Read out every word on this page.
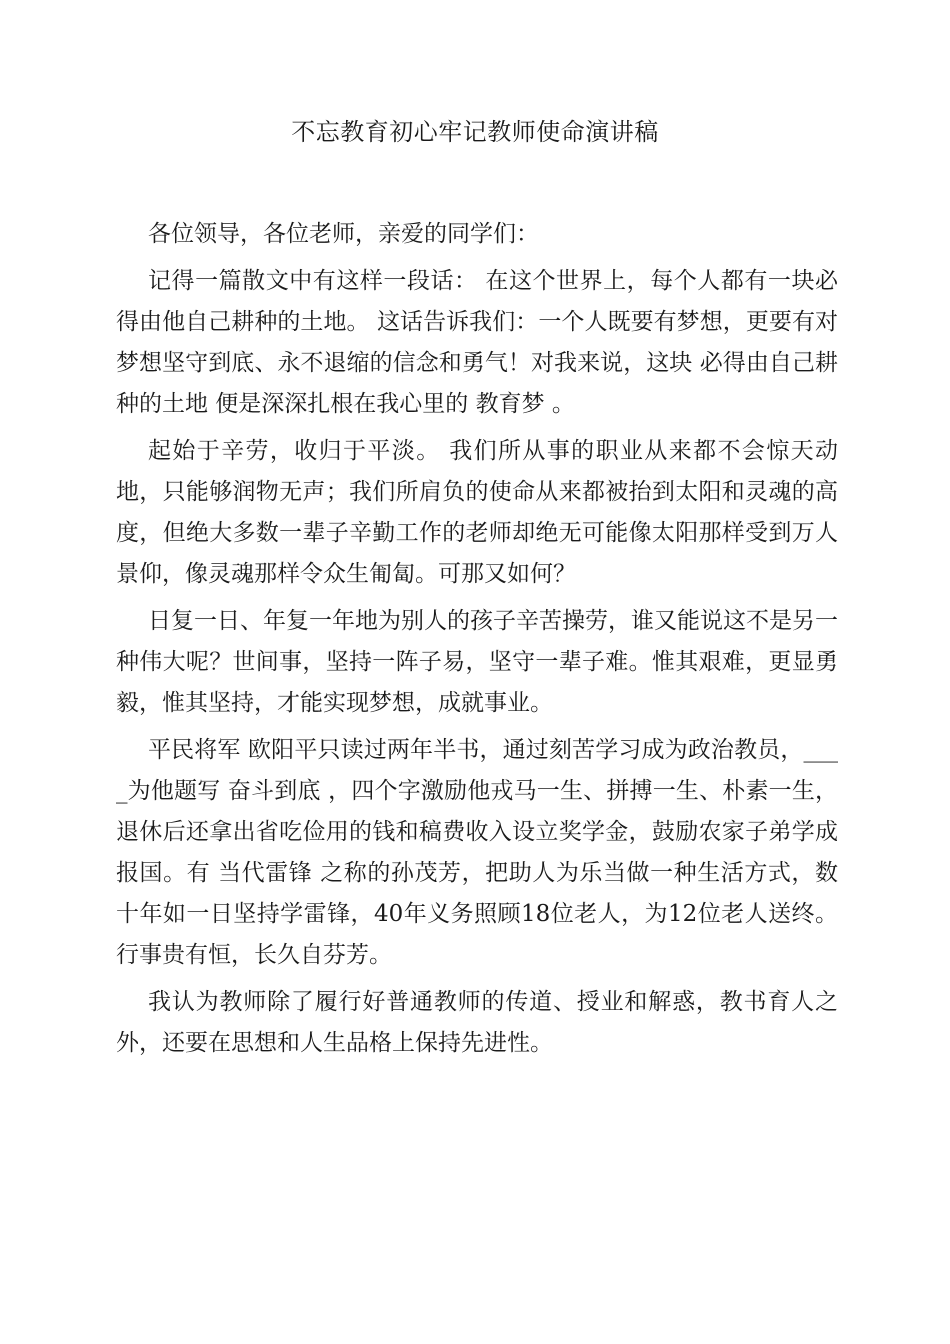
不忘教育初心牢记教师使命演讲稿

各位领导，各位老师，亲爱的同学们：

记得一篇散文中有这样一段话： 在这个世界上，每个人都有一块必得由他自己耕种的土地。 这话告诉我们：一个人既要有梦想，更要有对梦想坚守到底、永不退缩的信念和勇气！对我来说，这块 必得由自己耕种的土地 便是深深扎根在我心里的 教育梦 。

起始于辛劳，收归于平淡。 我们所从事的职业从来都不会惊天动地，只能够润物无声；我们所肩负的使命从来都被抬到太阳和灵魂的高度，但绝大多数一辈子辛勤工作的老师却绝无可能像太阳那样受到万人景仰，像灵魂那样令众生匍匐。可那又如何？

日复一日、年复一年地为别人的孩子辛苦操劳，谁又能说这不是另一种伟大呢？世间事，坚持一阵子易，坚守一辈子难。惟其艰难，更显勇毅，惟其坚持，才能实现梦想，成就事业。

平民将军 欧阳平只读过两年半书，通过刻苦学习成为政治教员，____为他题写 奋斗到底 ，四个字激励他戎马一生、拼搏一生、朴素一生，退休后还拿出省吃俭用的钱和稿费收入设立奖学金，鼓励农家子弟学成报国。有 当代雷锋 之称的孙茂芳，把助人为乐当做一种生活方式，数十年如一日坚持学雷锋，40年义务照顾18位老人，为12位老人送终。行事贵有恒，长久自芬芳。

我认为教师除了履行好普通教师的传道、授业和解惑，教书育人之外，还要在思想和人生品格上保持先进性。
